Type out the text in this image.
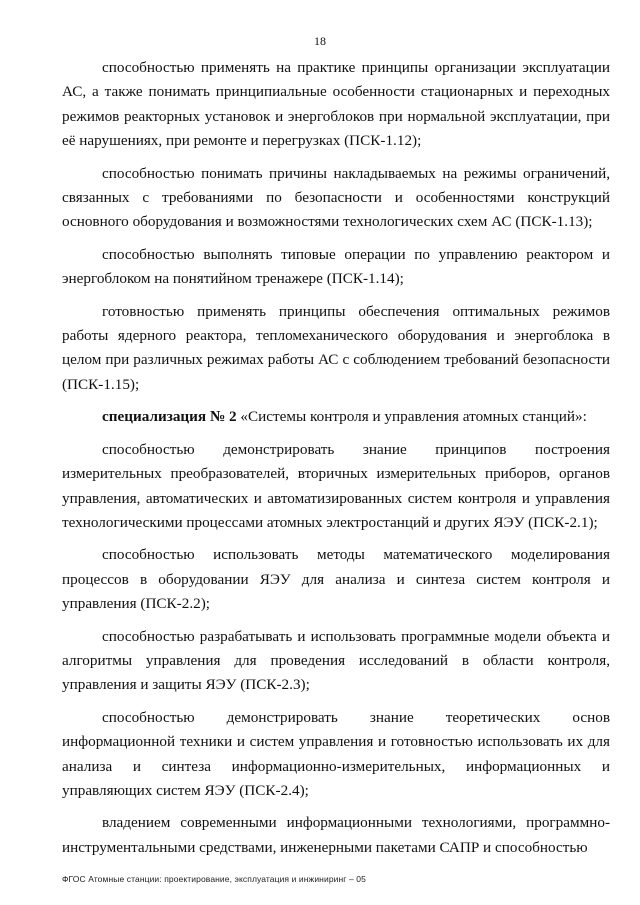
18

способностью применять на практике принципы организации эксплуатации АС, а также понимать принципиальные особенности стационарных и переходных режимов реакторных установок и энергоблоков при нормальной эксплуатации, при её нарушениях, при ремонте и перегрузках (ПСК-1.12);

способностью понимать причины накладываемых на режимы ограничений, связанных с требованиями по безопасности и особенностями конструкций основного оборудования и возможностями технологических схем АС (ПСК-1.13);

способностью выполнять типовые операции по управлению реактором и энергоблоком на понятийном тренажере (ПСК-1.14);

готовностью применять принципы обеспечения оптимальных режимов работы ядерного реактора, тепломеханического оборудования и энергоблока в целом при различных режимах работы АС с соблюдением требований безопасности (ПСК-1.15);

специализация № 2 «Системы контроля и управления атомных станций»:

способностью демонстрировать знание принципов построения измерительных преобразователей, вторичных измерительных приборов, органов управления, автоматических и автоматизированных систем контроля и управления технологическими процессами атомных электростанций и других ЯЭУ (ПСК-2.1);

способностью использовать методы математического моделирования процессов в оборудовании ЯЭУ для анализа и синтеза систем контроля и управления (ПСК-2.2);

способностью разрабатывать и использовать программные модели объекта и алгоритмы управления для проведения исследований в области контроля, управления и защиты ЯЭУ (ПСК-2.3);

способностью демонстрировать знание теоретических основ информационной техники и систем управления и готовностью использовать их для анализа и синтеза информационно-измерительных, информационных и управляющих систем ЯЭУ (ПСК-2.4);

владением современными информационными технологиями, программно-инструментальными средствами, инженерными пакетами САПР и способностью

ФГОС Атомные станции: проектирование, эксплуатация и инжиниринг – 05
